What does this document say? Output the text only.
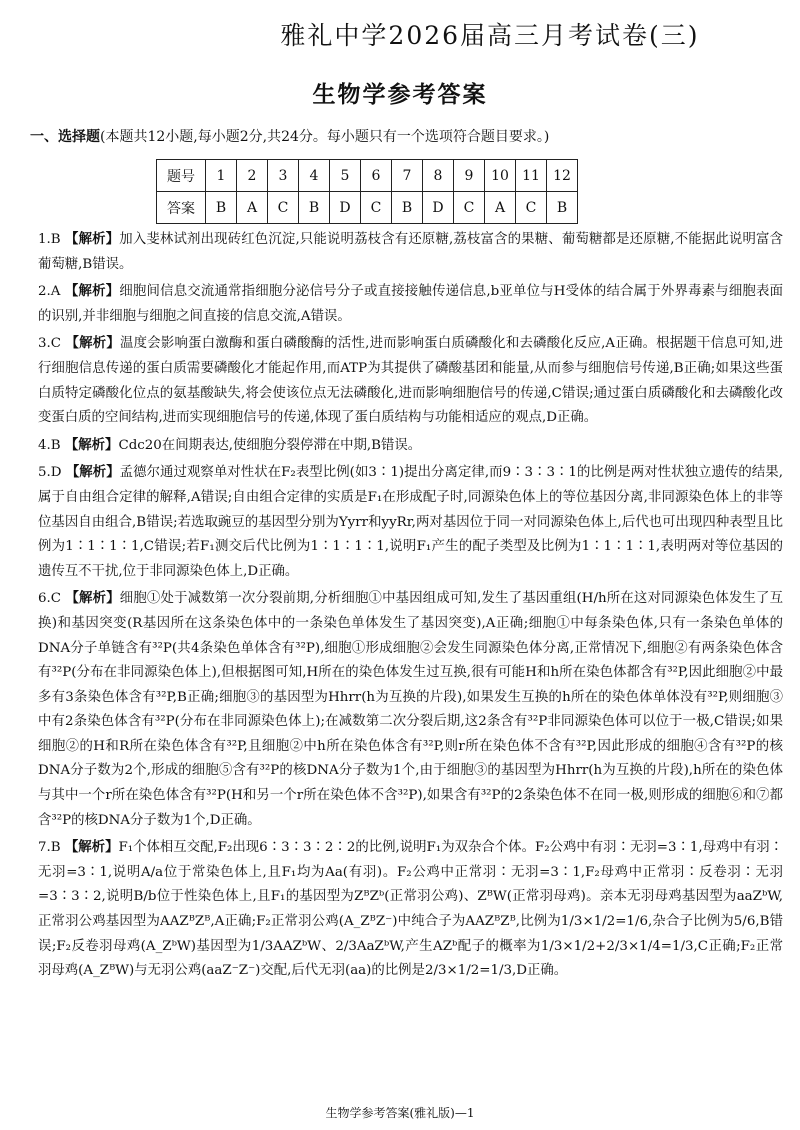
雅礼中学2026届高三月考试卷(三)
生物学参考答案
一、选择题(本题共12小题,每小题2分,共24分。每小题只有一个选项符合题目要求。)
题号	1	2	3	4	5	6	7	8	9	10	11	12
答案	B	A	C	B	D	C	B	D	C	A	C	B
1.B 【解析】加入斐林试剂出现砖红色沉淀,只能说明荔枝含有还原糖,荔枝富含的果糖、葡萄糖都是还原糖,不能据此说明富含葡萄糖,B错误。
2.A 【解析】细胞间信息交流通常指细胞分泌信号分子或直接接触传递信息,b亚单位与H受体的结合属于外界毒素与细胞表面的识别,并非细胞与细胞之间直接的信息交流,A错误。
3.C 【解析】温度会影响蛋白激酶和蛋白磷酸酶的活性,进而影响蛋白质磷酸化和去磷酸化反应,A正确。根据题干信息可知,进行细胞信息传递的蛋白质需要磷酸化才能起作用,而ATP为其提供了磷酸基团和能量,从而参与细胞信号传递,B正确;如果这些蛋白质特定磷酸化位点的氨基酸缺失,将会使该位点无法磷酸化,进而影响细胞信号的传递,C错误;通过蛋白质磷酸化和去磷酸化改变蛋白质的空间结构,进而实现细胞信号的传递,体现了蛋白质结构与功能相适应的观点,D正确。
4.B 【解析】Cdc20在间期表达,使细胞分裂停滞在中期,B错误。
5.D 【解析】孟德尔通过观察单对性状在F₂表型比例(如3∶1)提出分离定律,而9∶3∶3∶1的比例是两对性状独立遗传的结果,属于自由组合定律的解释,A错误;自由组合定律的实质是F₁在形成配子时,同源染色体上的等位基因分离,非同源染色体上的非等位基因自由组合,B错误;若选取豌豆的基因型分别为Yyrr和yyRr,两对基因位于同一对同源染色体上,后代也可出现四种表型且比例为1∶1∶1∶1,C错误;若F₁测交后代比例为1∶1∶1∶1,说明F₁产生的配子类型及比例为1∶1∶1∶1,表明两对等位基因的遗传互不干扰,位于非同源染色体上,D正确。
6.C 【解析】细胞①处于减数第一次分裂前期,分析细胞①中基因组成可知,发生了基因重组(H/h所在这对同源染色体发生了互换)和基因突变(R基因所在这条染色体中的一条染色单体发生了基因突变),A正确;细胞①中每条染色体,只有一条染色单体的DNA分子单链含有³²P(共4条染色单体含有³²P),细胞①形成细胞②会发生同源染色体分离,正常情况下,细胞②有两条染色体含有³²P(分布在非同源染色体上),但根据图可知,H所在的染色体发生过互换,很有可能H和h所在染色体都含有³²P,因此细胞②中最多有3条染色体含有³²P,B正确;细胞③的基因型为Hhrr(h为互换的片段),如果发生互换的h所在的染色体单体没有³²P,则细胞③中有2条染色体含有³²P(分布在非同源染色体上);在减数第二次分裂后期,这2条含有³²P非同源染色体可以位于一极,C错误;如果细胞②的H和R所在染色体含有³²P,且细胞②中h所在染色体含有³²P,则r所在染色体不含有³²P,因此形成的细胞④含有³²P的核DNA分子数为2个,形成的细胞⑤含有³²P的核DNA分子数为1个,由于细胞③的基因型为Hhrr(h为互换的片段),h所在的染色体与其中一个r所在染色体含有³²P(H和另一个r所在染色体不含³²P),如果含有³²P的2条染色体不在同一极,则形成的细胞⑥和⑦都含³²P的核DNA分子数为1个,D正确。
7.B 【解析】F₁个体相互交配,F₂出现6∶3∶3∶2∶2的比例,说明F₁为双杂合个体。F₂公鸡中有羽∶无羽=3∶1,母鸡中有羽∶无羽=3∶1,说明A/a位于常染色体上,且F₁均为Aa(有羽)。F₂公鸡中正常羽∶无羽=3∶1,F₂母鸡中正常羽∶反卷羽∶无羽=3∶3∶2,说明B/b位于性染色体上,且F₁的基因型为ZᴮZᵇ(正常羽公鸡)、ZᴮW(正常羽母鸡)。亲本无羽母鸡基因型为aaZᵇW,正常羽公鸡基因型为AAZᴮZᴮ,A正确;F₂正常羽公鸡(A_ZᴮZ⁻)中纯合子为AAZᴮZᴮ,比例为1/3×1/2=1/6,杂合子比例为5/6,B错误;F₂反卷羽母鸡(A_ZᵇW)基因型为1/3AAZᵇW、2/3AaZᵇW,产生AZᵇ配子的概率为1/3×1/2+2/3×1/4=1/3,C正确;F₂正常羽母鸡(A_ZᴮW)与无羽公鸡(aaZ⁻Z⁻)交配,后代无羽(aa)的比例是2/3×1/2=1/3,D正确。
生物学参考答案(雅礼版)—1
